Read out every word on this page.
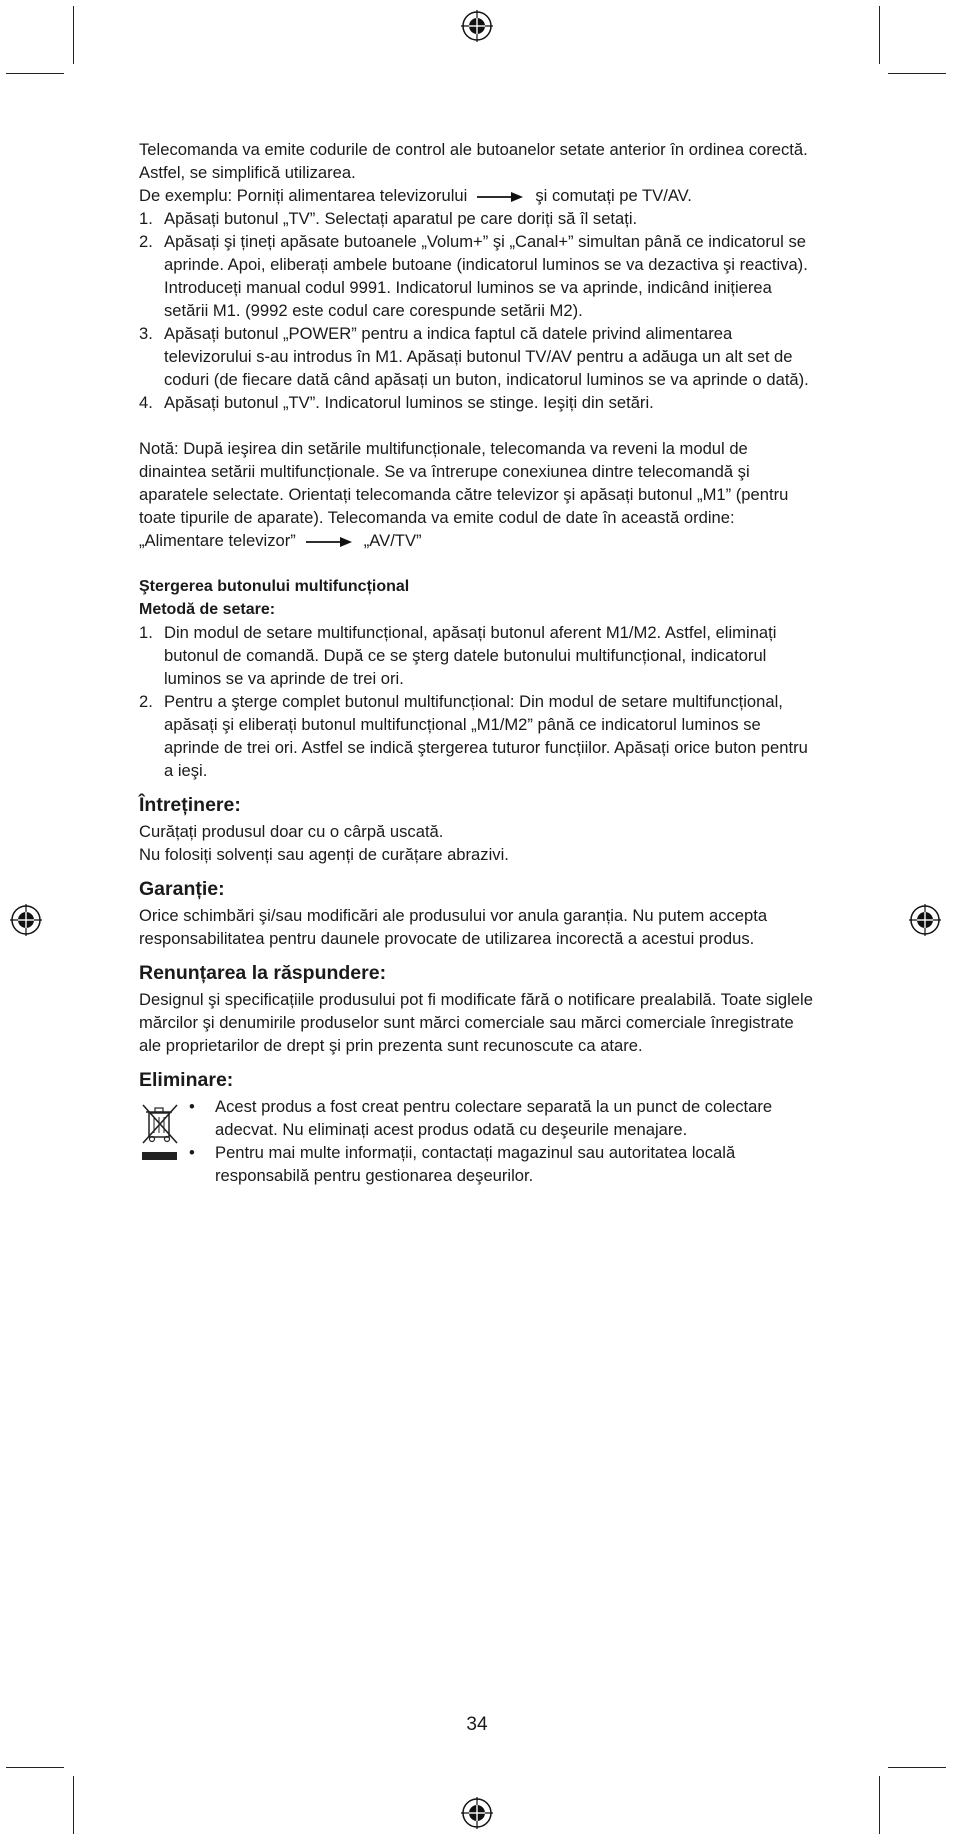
Telecomanda va emite codurile de control ale butoanelor setate anterior în ordinea corectă. Astfel, se simplifică utilizarea.

De exemplu: Porniți alimentarea televizorului	şi comutați pe TV/AV.

1. Apăsați butonul „TV”. Selectați aparatul pe care doriți să îl setați.
2. Apăsați şi țineți apăsate butoanele „Volum+” şi „Canal+” simultan până ce indicatorul se aprinde. Apoi, eliberați ambele butoane (indicatorul luminos se va dezactiva şi reactiva).
Introduceți manual codul 9991. Indicatorul luminos se va aprinde, indicând inițierea setării M1. (9992 este codul care corespunde setării M2).
3. Apăsați butonul „POWER” pentru a indica faptul că datele privind alimentarea televizorului s-au introdus în M1. Apăsați butonul TV/AV pentru a adăuga un alt set de coduri (de fiecare dată când apăsați un buton, indicatorul luminos se va aprinde o dată).
4. Apăsați butonul „TV”. Indicatorul luminos se stinge. Ieşiți din setări.

Notă: După ieşirea din setările multifuncționale, telecomanda va reveni la modul de dinaintea setării multifuncționale. Se va întrerupe conexiunea dintre telecomandă şi aparatele selectate. Orientați telecomanda către televizor şi apăsați butonul „M1” (pentru toate tipurile de aparate). Telecomanda va emite codul de date în această ordine:

„Alimentare televizor”	„AV/TV”

Ştergerea butonului multifuncțional

Metodă de setare:

1. Din modul de setare multifuncțional, apăsați butonul aferent M1/M2. Astfel, eliminați butonul de comandă. După ce se şterg datele butonului multifuncțional, indicatorul luminos se va aprinde de trei ori.
2. Pentru a şterge complet butonul multifuncțional: Din modul de setare multifuncțional, apăsați şi eliberați butonul multifuncțional „M1/M2” până ce indicatorul luminos se aprinde de trei ori. Astfel se indică ştergerea tuturor funcțiilor. Apăsați orice buton pentru a ieşi.
Întreținere:

Curățați produsul doar cu o cârpă uscată.

Nu folosiți solvenți sau agenți de curățare abrazivi.

Garanție:

Orice schimbări şi/sau modificări ale produsului vor anula garanția. Nu putem accepta responsabilitatea pentru daunele provocate de utilizarea incorectă a acestui produs.

Renunțarea la răspundere:

Designul şi specificațiile produsului pot fi modificate fără o notificare prealabilă. Toate siglele mărcilor şi denumirile produselor sunt mărci comerciale sau mărci comerciale înregistrate ale proprietarilor de drept şi prin prezenta sunt recunoscute ca atare.

Eliminare:
• Acest produs a fost creat pentru colectare separată la un punct de colectare adecvat. Nu eliminați acest produs odată cu deşeurile menajare.
• Pentru mai multe informații, contactați magazinul sau autoritatea locală responsabilă pentru gestionarea deşeurilor.
34
